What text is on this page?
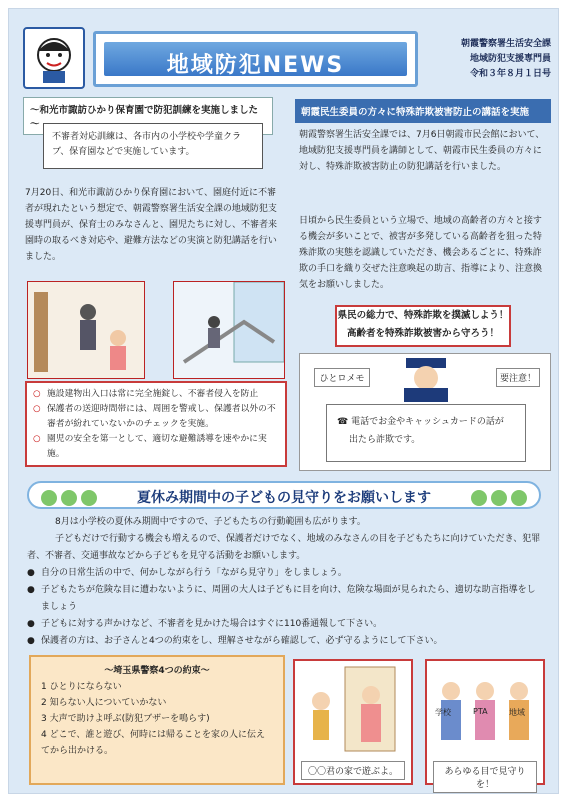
地域防犯NEWS
朝霞警察署生活安全課
地域防犯支援専門員
令和３年８月１日号
～和光市諏訪ひかり保育園で防犯訓練を実施しました～
不審者対応訓練は、各市内の小学校や学童クラブ、保育園などで実施しています。
7月20日、和光市諏訪ひかり保育園において、園庭付近に不審者が現れたという想定で、朝霞警察署生活安全課の地域防犯支援専門員が、保育士のみなさんと、園児たちに対し、不審者来園時の取るべき対応や、避難方法などの実演と防犯講話を行いました。
○ 施設建物出入口は常に完全施錠し、不審者侵入を防止
○ 保護者の送迎時間帯には、周囲を警戒し、保護者以外の不審者が紛れていないかのチェックを実施。
○ 園児の安全を第一として、適切な避難誘導を速やかに実施。
朝霞民生委員の方々に特殊詐欺被害防止の講話を実施
朝霞警察署生活安全課では、7月6日朝霞市民会館において、地域防犯支援専門員を講師として、朝霞市民生委員の方々に対し、特殊詐欺被害防止の防犯講話を行いました。
日頃から民生委員という立場で、地域の高齢者の方々と接する機会が多いことで、被害が多発している高齢者を狙った特殊詐欺の実態を認識していただき、機会あるごとに、特殊詐欺の手口を織り交ぜた注意喚起の助言、指導により、注意換気をお願いしました。
県民の総力で、特殊詐欺を撲滅しよう！
高齢者を特殊詐欺被害から守ろう！
ひとロメモ	要注意！
☎ 電話でお金やキャッシュカードの話が
出たら詐欺です。
夏休み期間中の子どもの見守りをお願いします
8月は小学校の夏休み期間中ですので、子どもたちの行動範囲も広がります。
子どもだけで行動する機会も増えるので、保護者だけでなく、地域のみなさんの目を子どもたちに向けていただき、犯罪者、不審者、交通事故などから子どもを見守る活動をお願いします。
● 自分の日常生活の中で、何かしながら行う「ながら見守り」をしましょう。
● 子どもたちが危険な目に遭わないように、周囲の大人は子どもに目を向け、危険な場面が見られたら、適切な助言指導をしましょう
● 子どもに対する声かけなど、不審者を見かけた場合はすぐに110番通報して下さい。
● 保護者の方は、お子さんと4つの約束をし、理解させながら確認して、必ず守るようにして下さい。
～埼玉県警察4つの約束～
1 ひとりにならない
2 知らない人についていかない
3 大声で助けよ呼ぶ(防犯ブザーを鳴らす)
4 どこで、誰と遊び、何時には帰ることを家の人に伝えてから出かける。
〇〇君の家で遊ぶよ。
学校	PTA	地域
あらゆる目で見守りを！
